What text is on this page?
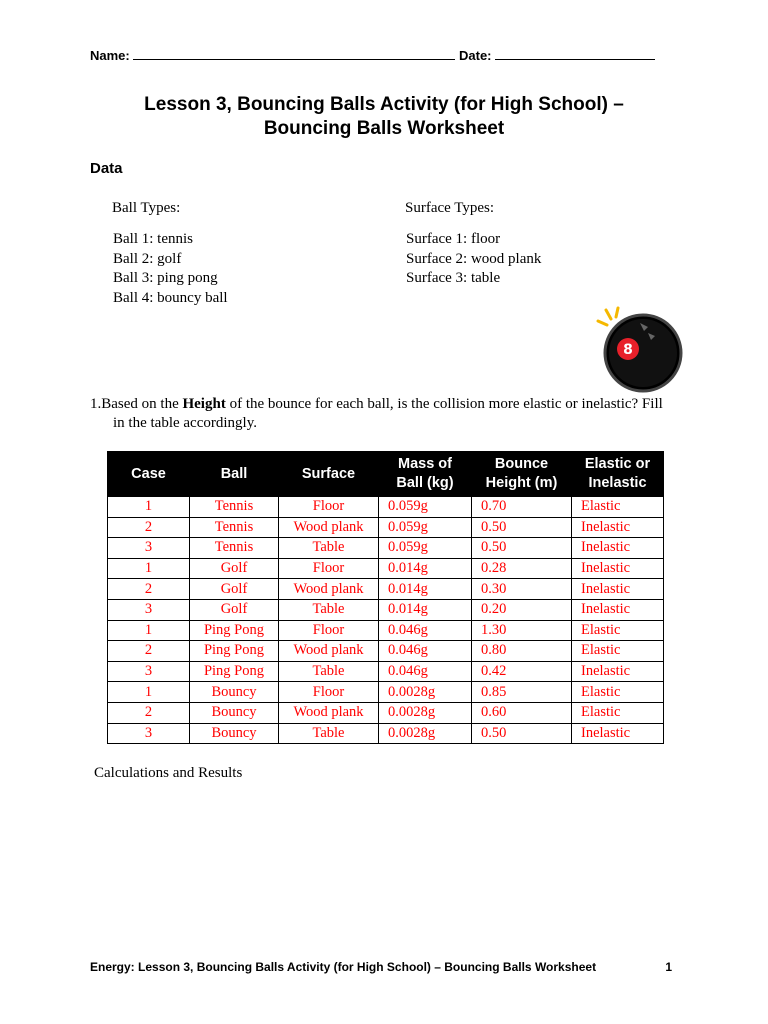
Name:	Date:
Lesson 3, Bouncing Balls Activity (for High School) –
Bouncing Balls Worksheet
Data
Ball Types:
Ball 1: tennis
Ball 2: golf
Ball 3: ping pong
Ball 4: bouncy ball
Surface Types:
Surface 1: floor
Surface 2: wood plank
Surface 3: table
8
1.Based on the Height of the bounce for each ball, is the collision more elastic or inelastic? Fill
in the table accordingly.
Case	Ball	Surface	Mass of Ball (kg)	Bounce Height (m)	Elastic or Inelastic
1	Tennis	Floor	0.059g	0.70	Elastic
2	Tennis	Wood plank	0.059g	0.50	Inelastic
3	Tennis	Table	0.059g	0.50	Inelastic
1	Golf	Floor	0.014g	0.28	Inelastic
2	Golf	Wood plank	0.014g	0.30	Inelastic
3	Golf	Table	0.014g	0.20	Inelastic
1	Ping Pong	Floor	0.046g	1.30	Elastic
2	Ping Pong	Wood plank	0.046g	0.80	Elastic
3	Ping Pong	Table	0.046g	0.42	Inelastic
1	Bouncy	Floor	0.0028g	0.85	Elastic
2	Bouncy	Wood plank	0.0028g	0.60	Elastic
3	Bouncy	Table	0.0028g	0.50	Inelastic
Calculations and Results
Energy: Lesson 3, Bouncing Balls Activity (for High School) – Bouncing Balls Worksheet	1
